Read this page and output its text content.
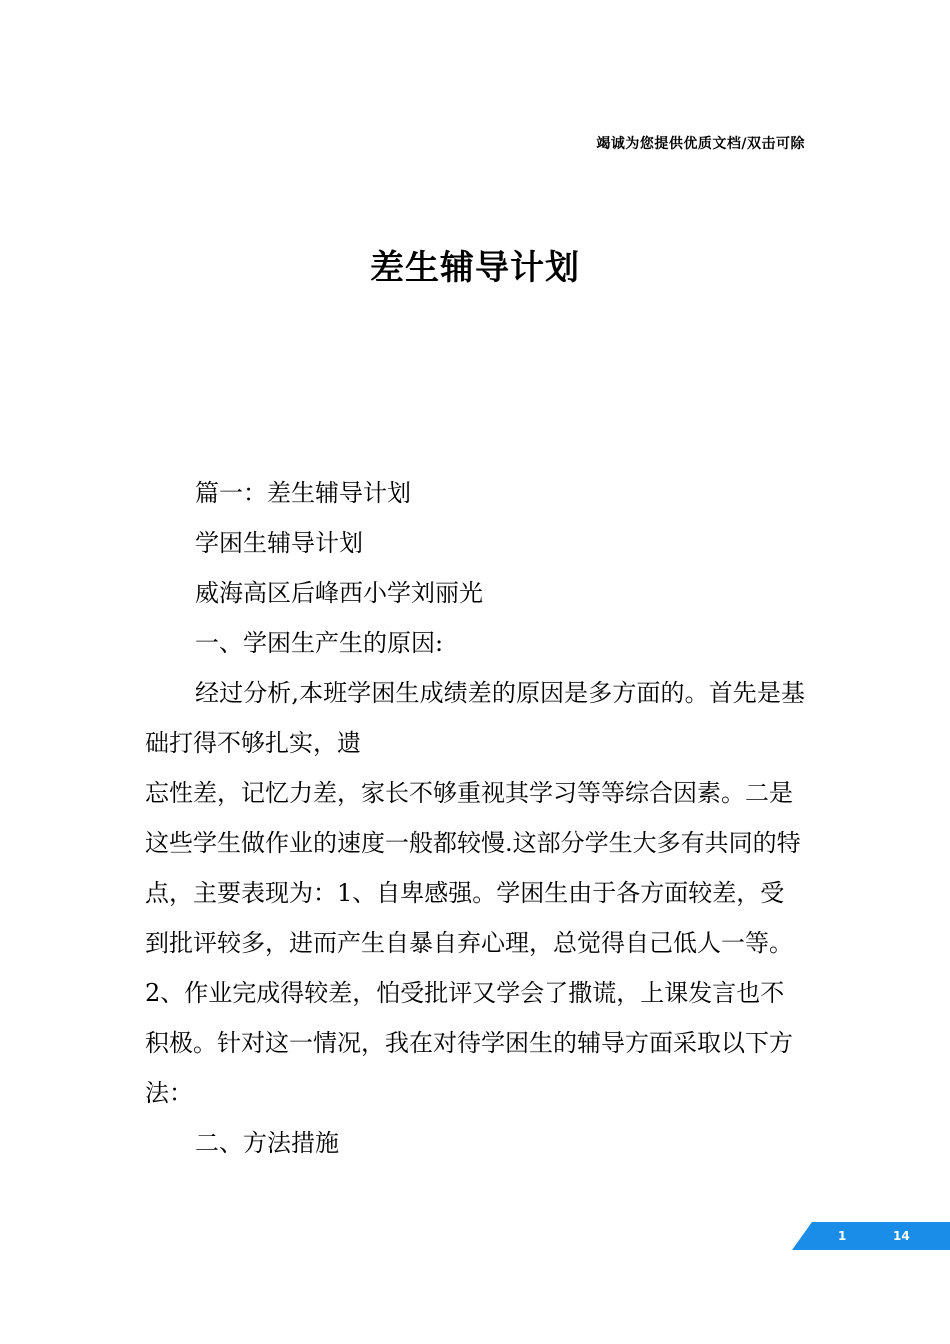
竭诚为您提供优质文档/双击可除
差生辅导计划

篇一：差生辅导计划

学困生辅导计划

威海高区后峰西小学刘丽光

一、学困生产生的原因:

经过分析,本班学困生成绩差的原因是多方面的。首先是基础打得不够扎实，遗

忘性差，记忆力差，家长不够重视其学习等等综合因素。二是这些学生做作业的速度一般都较慢.这部分学生大多有共同的特点，主要表现为：1、自卑感强。学困生由于各方面较差，受到批评较多，进而产生自暴自弃心理，总觉得自己低人一等。2、作业完成得较差，怕受批评又学会了撒谎，上课发言也不积极。针对这一情况，我在对待学困生的辅导方面采取以下方法：

二、方法措施

1	14
